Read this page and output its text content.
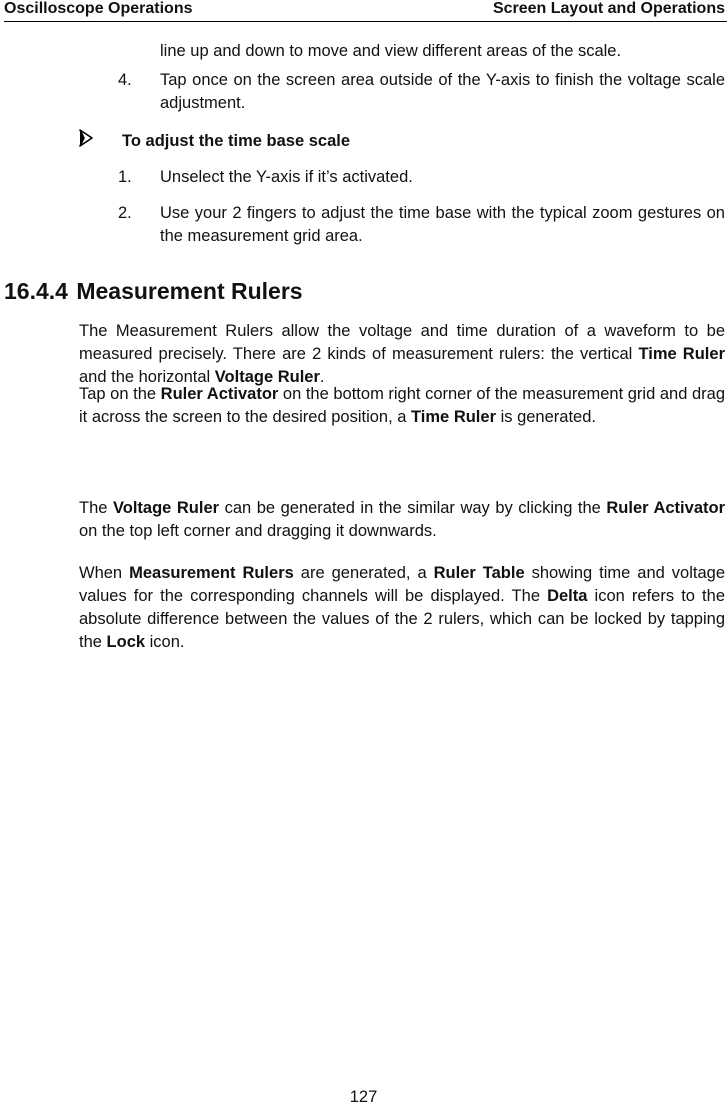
Oscilloscope Operations	Screen Layout and Operations

line up and down to move and view different areas of the scale.

4. Tap once on the screen area outside of the Y-axis to finish the voltage scale adjustment.

To adjust the time base scale

1. Unselect the Y-axis if it’s activated.

2. Use your 2 fingers to adjust the time base with the typical zoom gestures on the measurement grid area.

16.4.4 Measurement Rulers

The Measurement Rulers allow the voltage and time duration of a waveform to be measured precisely. There are 2 kinds of measurement rulers: the vertical Time Ruler and the horizontal Voltage Ruler.

Tap on the Ruler Activator on the bottom right corner of the measurement grid and drag it across the screen to the desired position, a Time Ruler is generated.

The Voltage Ruler can be generated in the similar way by clicking the Ruler Activator on the top left corner and dragging it downwards.

When Measurement Rulers are generated, a Ruler Table showing time and voltage values for the corresponding channels will be displayed. The Delta icon refers to the absolute difference between the values of the 2 rulers, which can be locked by tapping the Lock icon.

127
